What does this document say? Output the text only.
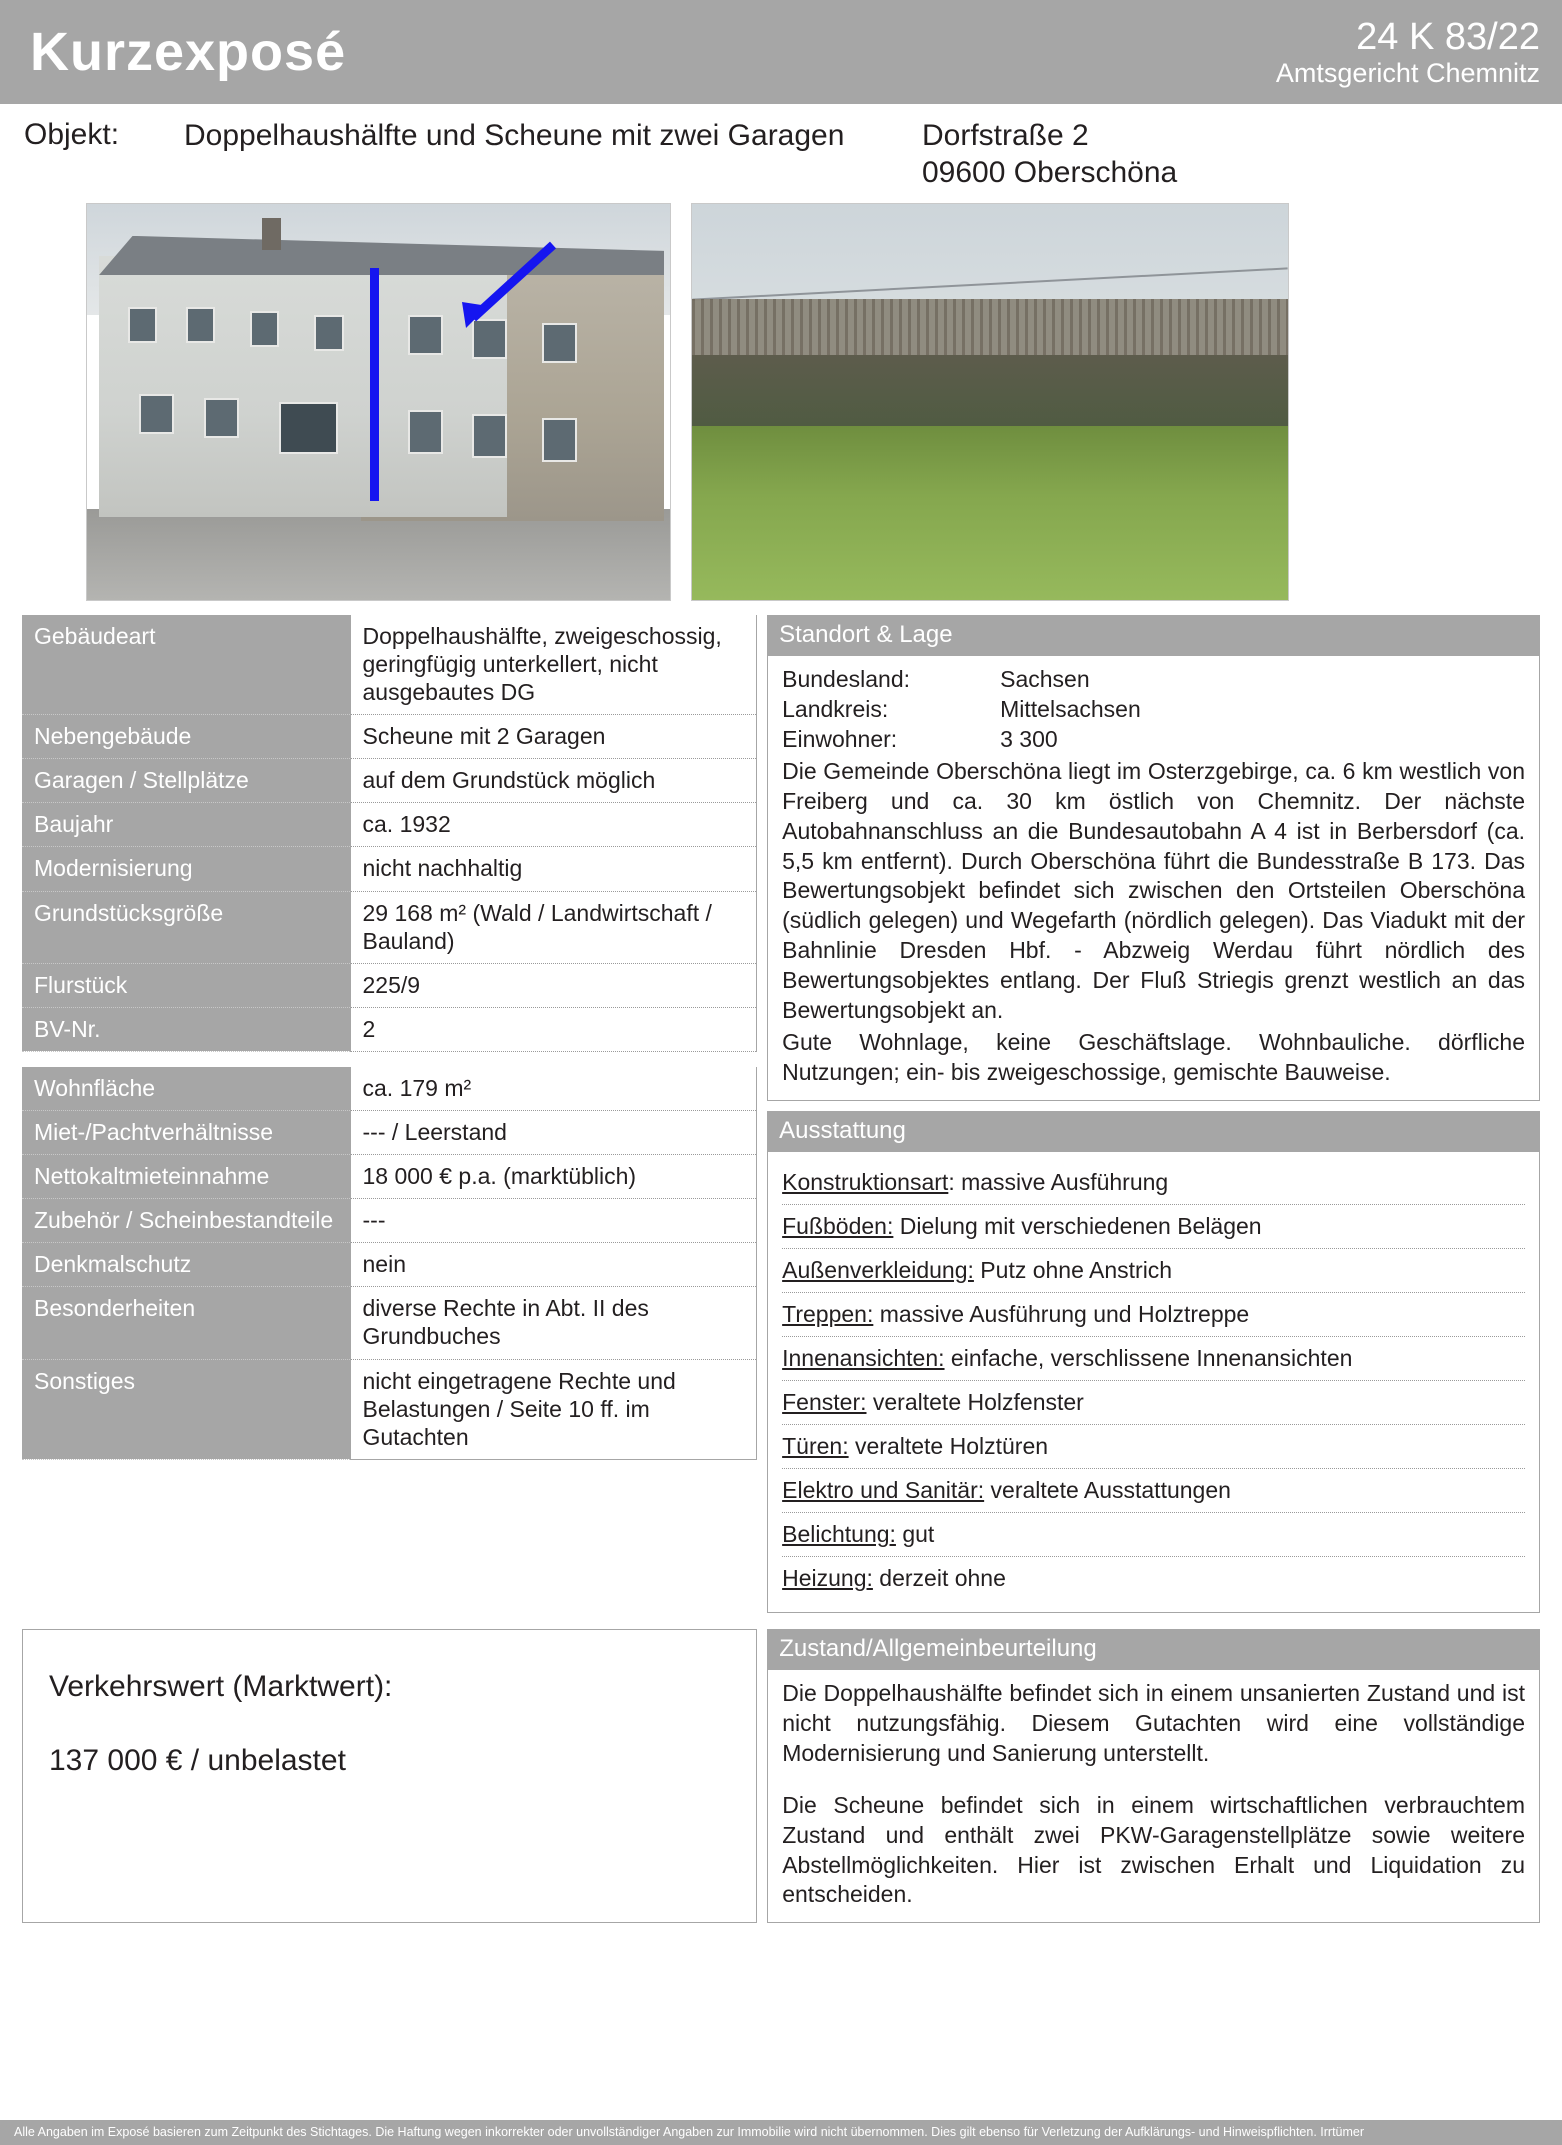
Kurzexposé	24 K 83/22
Amtsgericht Chemnitz
Objekt:	Doppelhaushälfte und Scheune mit zwei Garagen	Dorfstraße 2
09600 Oberschöna
Gebäudeart	Doppelhaushälfte, zweigeschossig, geringfügig unterkellert, nicht ausgebautes DG
Nebengebäude	Scheune mit 2 Garagen
Garagen / Stellplätze	auf dem Grundstück möglich
Baujahr	ca. 1932
Modernisierung	nicht nachhaltig
Grundstücksgröße	29 168 m² (Wald / Landwirtschaft / Bauland)
Flurstück	225/9
BV-Nr.	2

Wohnfläche	ca. 179 m²
Miet-/Pachtverhältnisse	--- / Leerstand
Nettokaltmieteinnahme	18 000 € p.a. (marktüblich)
Zubehör / Scheinbestandteile	---
Denkmalschutz	nein
Besonderheiten	diverse Rechte in Abt. II des Grundbuches
Sonstiges	nicht eingetragene Rechte und Belastungen / Seite 10 ff. im Gutachten
Standort & Lage
Bundesland:	Sachsen
Landkreis:	Mittelsachsen
Einwohner:	3 300
Die Gemeinde Oberschöna liegt im Osterzgebirge, ca. 6 km westlich von Freiberg und ca. 30 km östlich von Chemnitz. Der nächste Autobahnanschluss an die Bundesautobahn A 4 ist in Berbersdorf (ca. 5,5 km entfernt). Durch Oberschöna führt die Bundesstraße B 173. Das Bewertungsobjekt befindet sich zwischen den Ortsteilen Oberschöna (südlich gelegen) und Wegefarth (nördlich gelegen). Das Viadukt mit der Bahnlinie Dresden Hbf. - Abzweig Werdau führt nördlich des Bewertungsobjektes entlang. Der Fluß Striegis grenzt westlich an das Bewertungsobjekt an.
Gute Wohnlage, keine Geschäftslage. Wohnbauliche. dörfliche Nutzungen; ein- bis zweigeschossige, gemischte Bauweise.
Ausstattung
Konstruktionsart: massive Ausführung
Fußböden: Dielung mit verschiedenen Belägen
Außenverkleidung: Putz ohne Anstrich
Treppen: massive Ausführung und Holztreppe
Innenansichten: einfache, verschlissene Innenansichten
Fenster: veraltete Holzfenster
Türen: veraltete Holztüren
Elektro und Sanitär: veraltete Ausstattungen
Belichtung: gut
Heizung: derzeit ohne
Verkehrswert (Marktwert):
137 000 € / unbelastet
Zustand/Allgemeinbeurteilung

Die Doppelhaushälfte befindet sich in einem unsanierten Zustand und ist nicht nutzungsfähig. Diesem Gutachten wird eine vollständige Modernisierung und Sanierung unterstellt.

Die Scheune befindet sich in einem wirtschaftlichen verbrauchtem Zustand und enthält zwei PKW-Garagenstellplätze sowie weitere Abstellmöglichkeiten. Hier ist zwischen Erhalt und Liquidation zu entscheiden.

Alle Angaben im Exposé basieren zum Zeitpunkt des Stichtages. Die Haftung wegen inkorrekter oder unvollständiger Angaben zur Immobilie wird nicht übernommen. Dies gilt ebenso für Verletzung der Aufklärungs- und Hinweispflichten. Irrtümer
